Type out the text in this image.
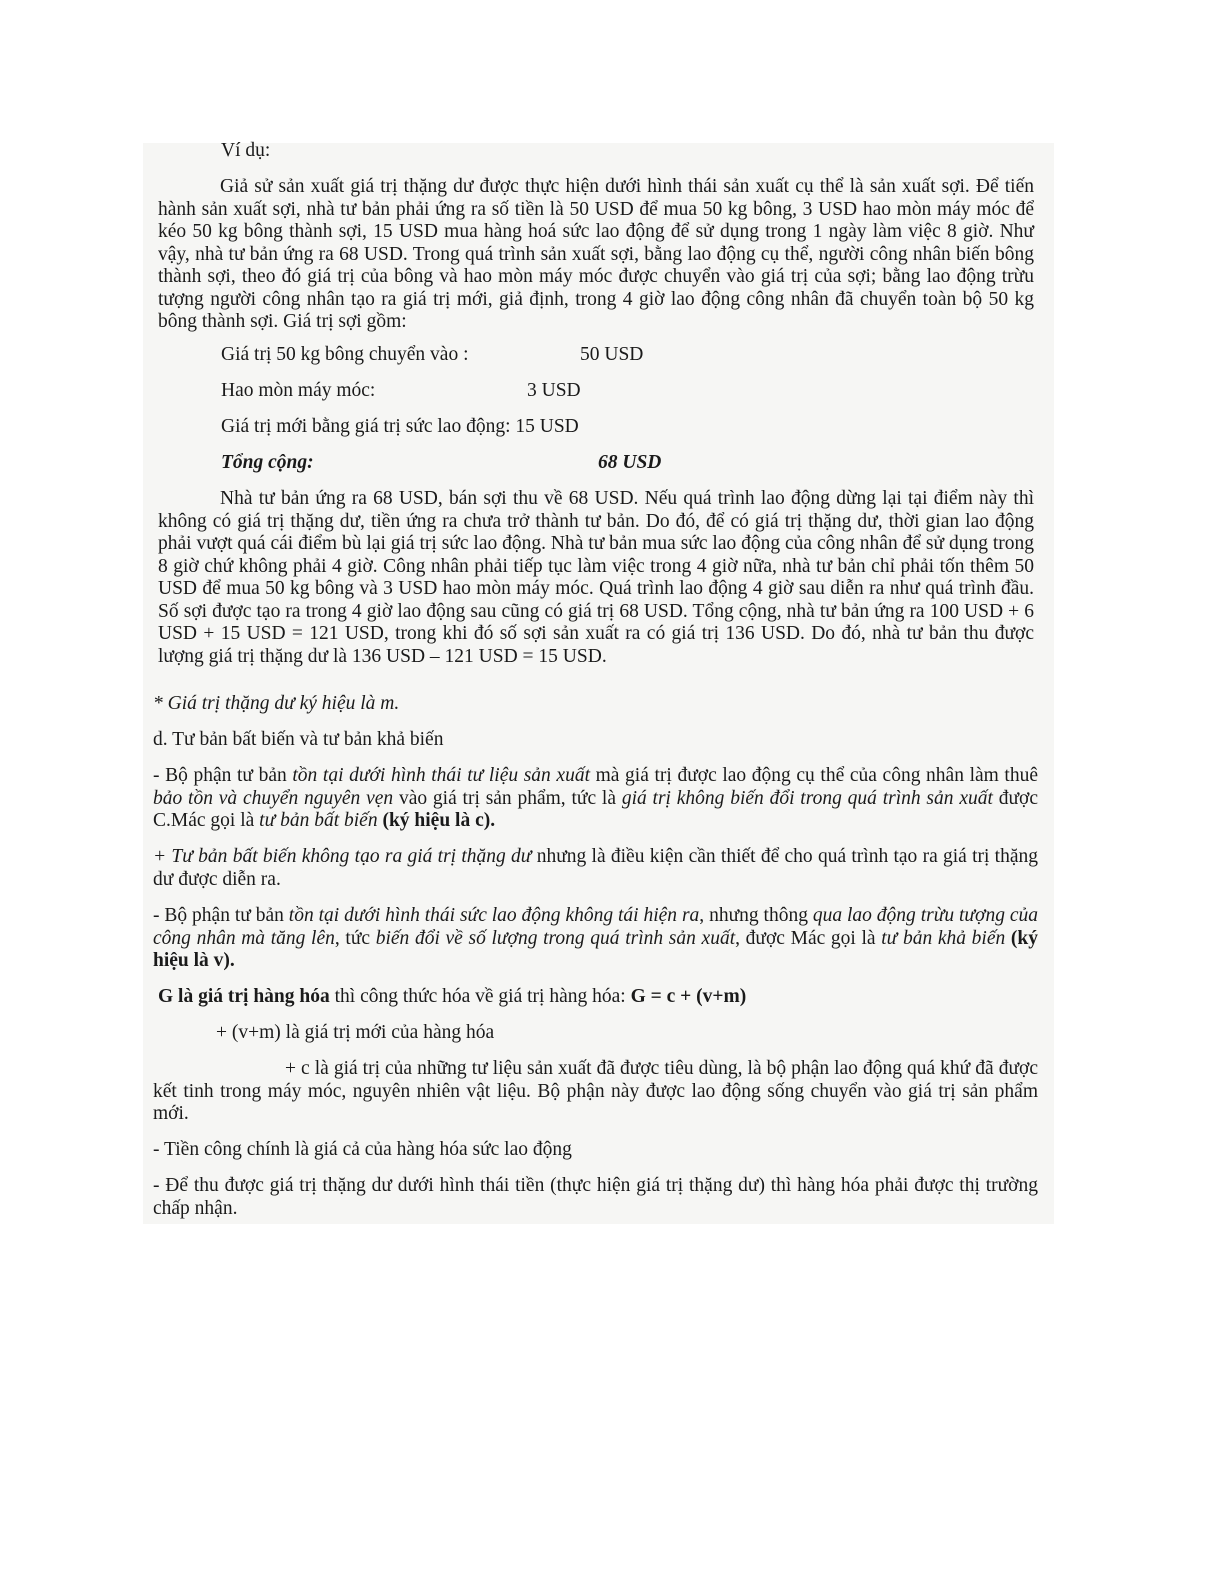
Ví dụ:

Giả sử sản xuất giá trị thặng dư được thực hiện dưới hình thái sản xuất cụ thể là sản xuất sợi. Để tiến hành sản xuất sợi, nhà tư bản phải ứng ra số tiền là 50 USD để mua 50 kg bông, 3 USD hao mòn máy móc để kéo 50 kg bông thành sợi, 15 USD mua hàng hoá sức lao động để sử dụng trong 1 ngày làm việc 8 giờ. Như vậy, nhà tư bản ứng ra 68 USD. Trong quá trình sản xuất sợi, bằng lao động cụ thể, người công nhân biến bông thành sợi, theo đó giá trị của bông và hao mòn máy móc được chuyển vào giá trị của sợi; bằng lao động trừu tượng người công nhân tạo ra giá trị mới, giả định, trong 4 giờ lao động công nhân đã chuyển toàn bộ 50 kg bông thành sợi. Giá trị sợi gồm:

Giá trị 50 kg bông chuyển vào :	50 USD
Hao mòn máy móc:	3 USD
Giá trị mới bằng giá trị sức lao động: 15 USD
Tổng cộng:	68 USD

Nhà tư bản ứng ra 68 USD, bán sợi thu về 68 USD. Nếu quá trình lao động dừng lại tại điểm này thì không có giá trị thặng dư, tiền ứng ra chưa trở thành tư bản. Do đó, để có giá trị thặng dư, thời gian lao động phải vượt quá cái điểm bù lại giá trị sức lao động. Nhà tư bản mua sức lao động của công nhân để sử dụng trong 8 giờ chứ không phải 4 giờ. Công nhân phải tiếp tục làm việc trong 4 giờ nữa, nhà tư bản chỉ phải tốn thêm 50 USD để mua 50 kg bông và 3 USD hao mòn máy móc. Quá trình lao động 4 giờ sau diễn ra như quá trình đầu. Số sợi được tạo ra trong 4 giờ lao động sau cũng có giá trị 68 USD. Tổng cộng, nhà tư bản ứng ra 100 USD + 6 USD + 15 USD = 121 USD, trong khi đó số sợi sản xuất ra có giá trị 136 USD. Do đó, nhà tư bản thu được lượng giá trị thặng dư là 136 USD – 121 USD = 15 USD.

* Giá trị thặng dư ký hiệu là m.
d. Tư bản bất biến và tư bản khả biến

- Bộ phận tư bản tồn tại dưới hình thái tư liệu sản xuất mà giá trị được lao động cụ thể của công nhân làm thuê bảo tồn và chuyển nguyên vẹn vào giá trị sản phẩm, tức là giá trị không biến đổi trong quá trình sản xuất được C.Mác gọi là tư bản bất biến (ký hiệu là c).

+ Tư bản bất biến không tạo ra giá trị thặng dư nhưng là điều kiện cần thiết để cho quá trình tạo ra giá trị thặng dư được diễn ra.

- Bộ phận tư bản tồn tại dưới hình thái sức lao động không tái hiện ra, nhưng thông qua lao động trừu tượng của công nhân mà tăng lên, tức biến đổi về số lượng trong quá trình sản xuất, được Mác gọi là tư bản khả biến (ký hiệu là v).

G là giá trị hàng hóa thì công thức hóa về giá trị hàng hóa: G = c + (v+m)
+ (v+m) là giá trị mới của hàng hóa

+ c là giá trị của những tư liệu sản xuất đã được tiêu dùng, là bộ phận lao động quá khứ đã được kết tinh trong máy móc, nguyên nhiên vật liệu. Bộ phận này được lao động sống chuyển vào giá trị sản phẩm mới.

- Tiền công chính là giá cả của hàng hóa sức lao động

- Để thu được giá trị thặng dư dưới hình thái tiền (thực hiện giá trị thặng dư) thì hàng hóa phải được thị trường chấp nhận.
